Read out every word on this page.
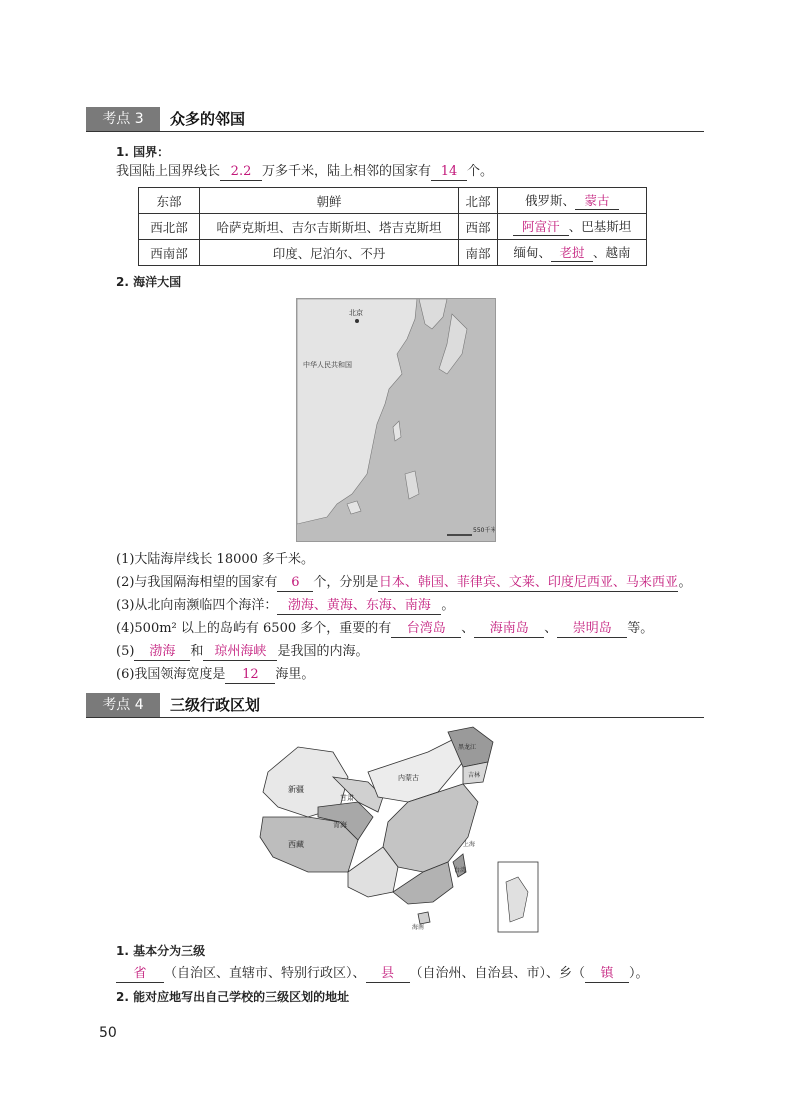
考点 3	众多的邻国
1. 国界：
我国陆上国界线长 2.2 万多千米，陆上相邻的国家有 14 个。
东部	朝鲜	北部	俄罗斯、 蒙古
西北部	哈萨克斯坦、吉尔吉斯斯坦、塔吉克斯坦	西部	阿富汗 、巴基斯坦
西南部	印度、尼泊尔、不丹	南部	缅甸、 老挝 、越南
2. 海洋大国
北京
中华人民共和国
550千米
(1)大陆海岸线长 18000 多千米。
(2)与我国隔海相望的国家有 6 个，分别是日本、韩国、菲律宾、文莱、印度尼西亚、马来西亚。
(3)从北向南濒临四个海洋： 渤海、黄海、东海、南海 。
(4)500m² 以上的岛屿有 6500 多个，重要的有 台湾岛 、 海南岛 、 崇明岛 等。
(5) 渤海 和 琼州海峡 是我国的内海。
(6)我国领海宽度是 12 海里。
考点 4	三级行政区划
新疆
西藏
内蒙古
甘肃
青海
黑龙江
吉林
上海
台湾
海南
1. 基本分为三级
省 （自治区、直辖市、特别行政区）、 县 （自治州、自治县、市）、乡（ 镇 ）。
2. 能对应地写出自己学校的三级区划的地址
50
